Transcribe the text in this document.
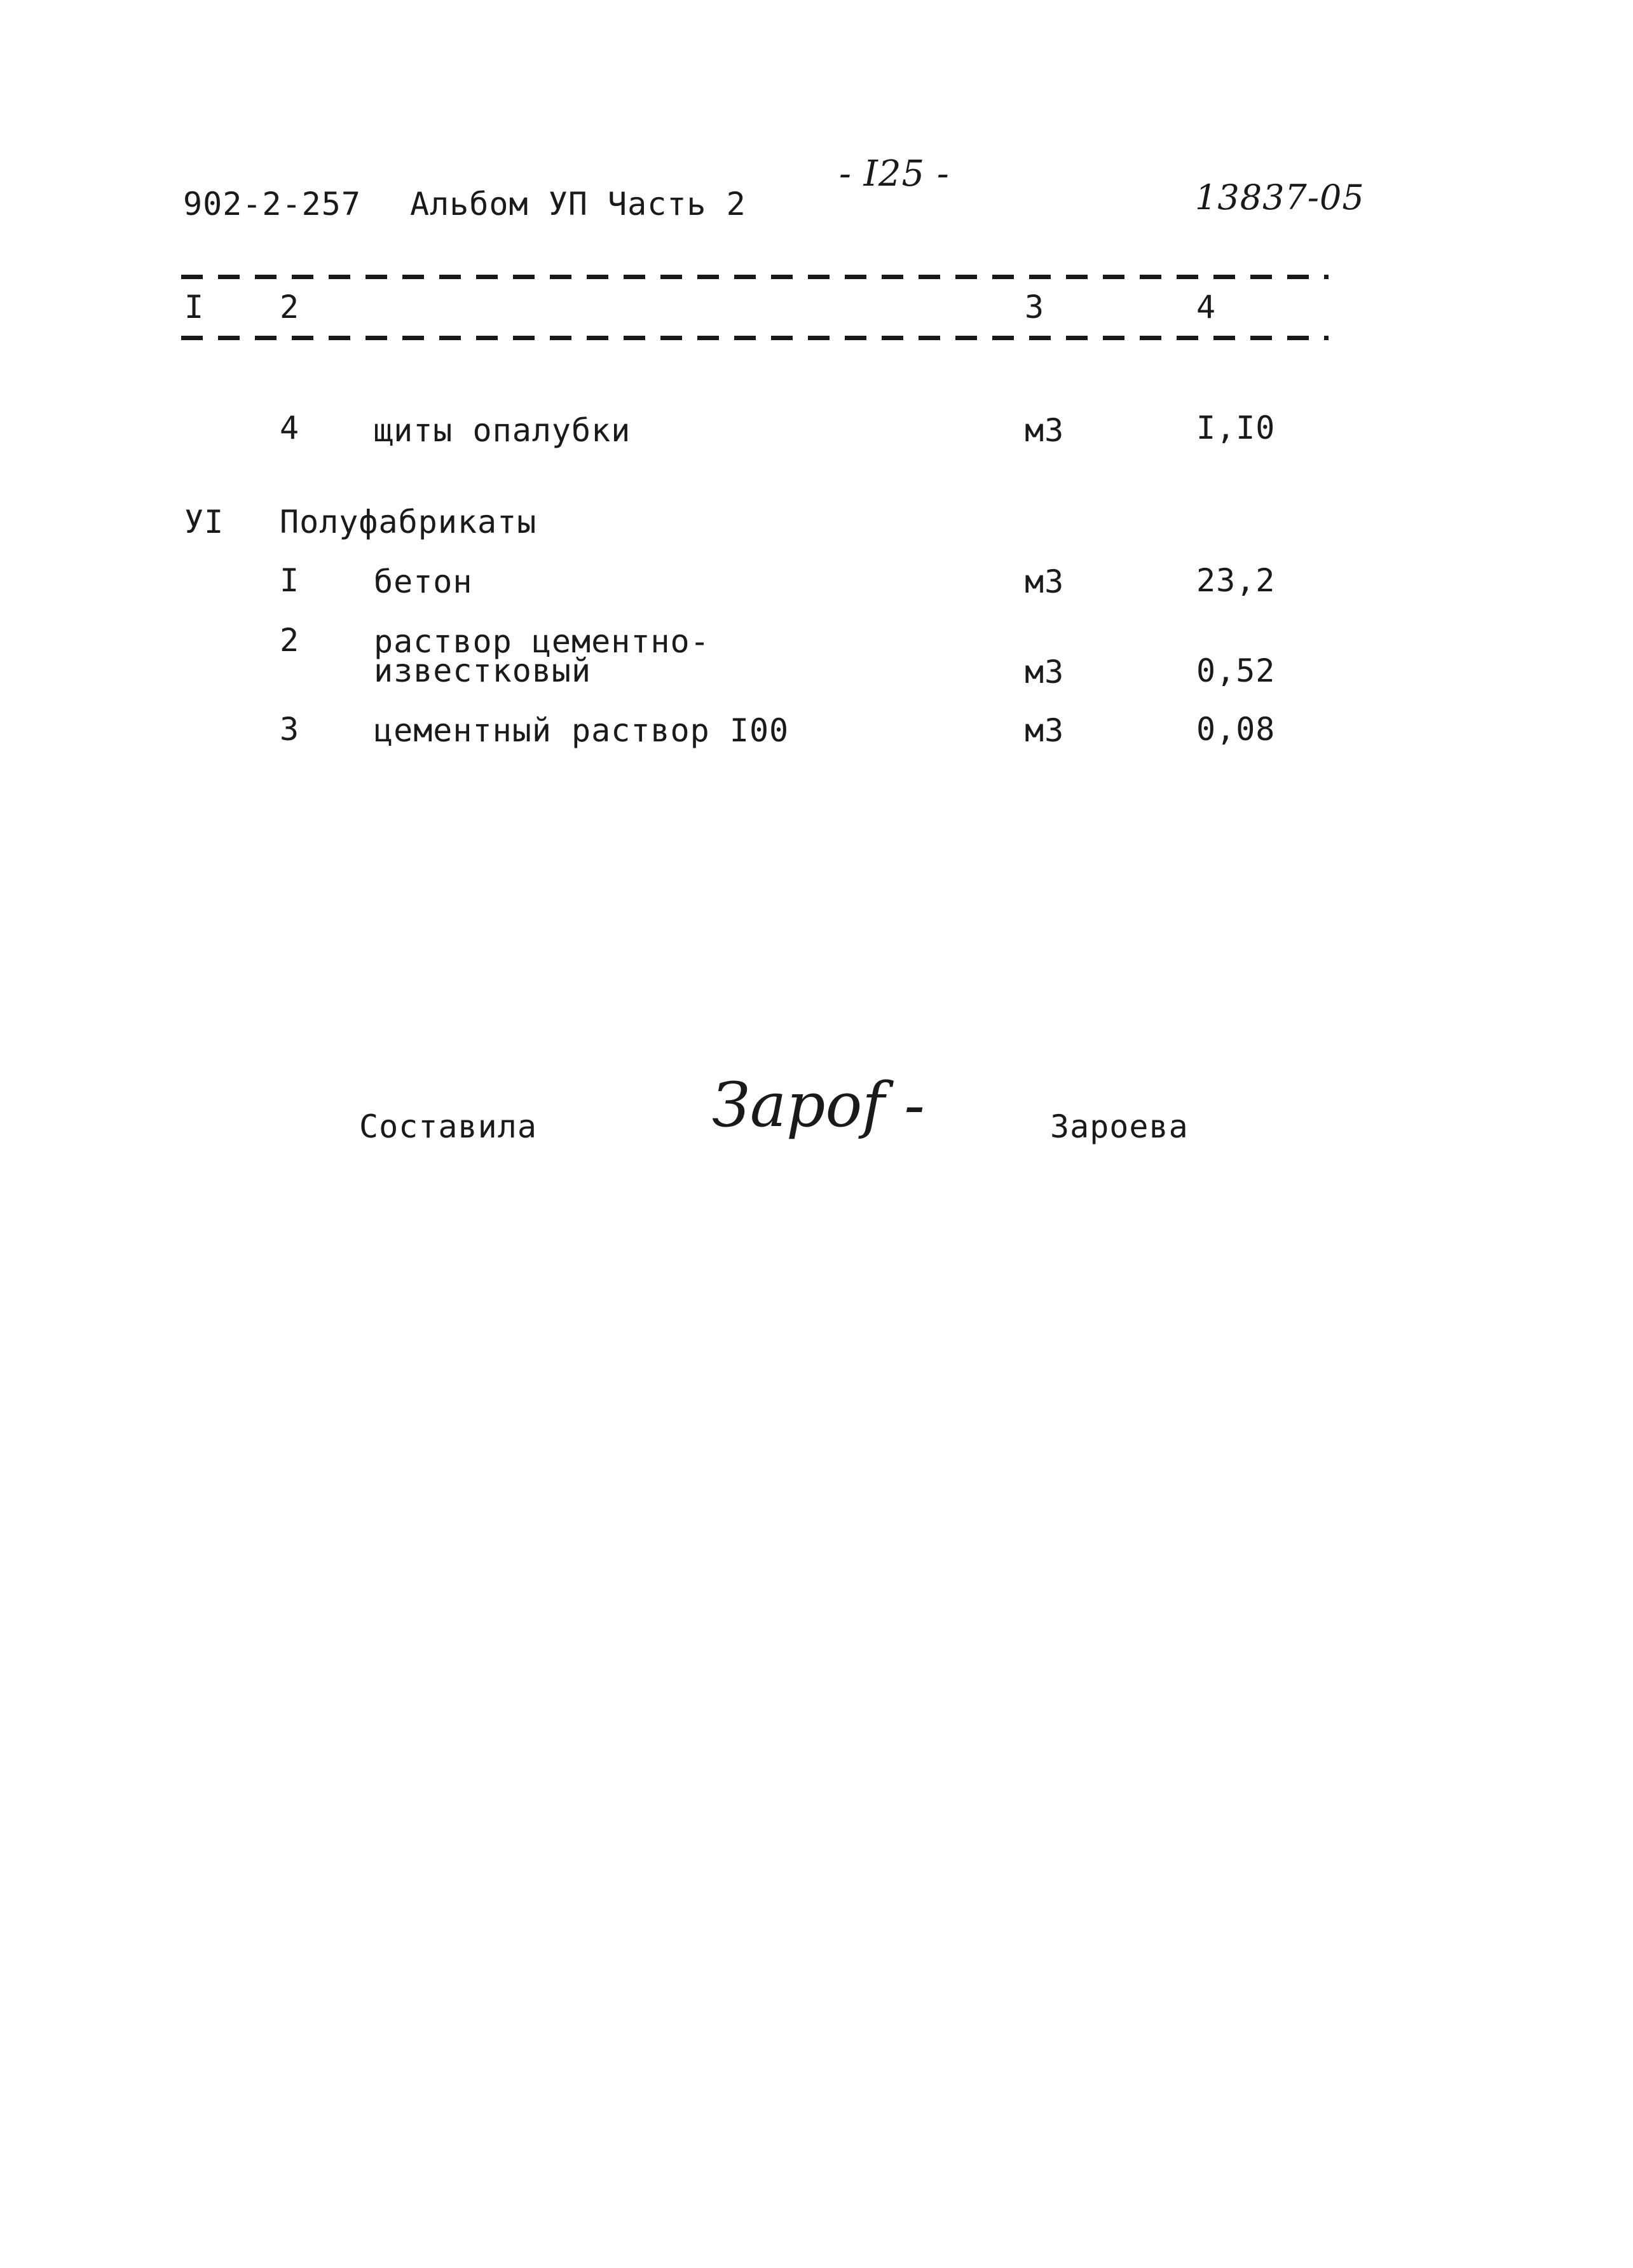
902-2-257 Альбом УП Часть 2
- I25 -
13837-05
I 2	3	4
4 щиты опалубки	м3	I,I0
УI Полуфабрикаты
I бетон	м3	23,2
2 раствор цементно-
известковый	м3	0,52
3 цементный раствор I00	м3	0,08
Составила	Зароf -	Зароева
